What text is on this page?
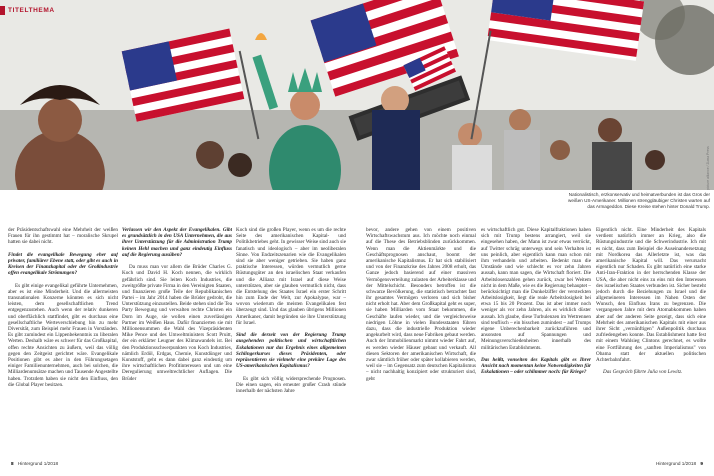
TITELTHEMA
picture alliance / Zuma Press
Nationalistisch, erzkonservativ und heimatverbunden ist das Gros der weißen US-Amerikaner. Millionen strenggläubiger Christen warten auf das Armageddon. Diese Kreise stehen hinter Donald Trump.

der Präsidentschaftswahl eine Mehrheit der weißen Frauen für ihn gestimmt hat – moralische Skrupel hatten sie dabei nicht.

Findet die evangelikale Bewegung eher auf privater, familiärer Ebene statt, oder gibt es auch in Kreisen der Finanzkapital oder der Großindustrie offen evangelikale Strömungen?

Es gibt einige evangelikal geführte Unternehmen, aber es ist eine Minderheit. Und die allermeisten transnationalen Konzerne könnten es sich nicht leisten, dem gesellschaftlichen Trend entgegenzustehen. Auch wenn der relativ dunkeren und oberflächlich stattfindet, gibt es durchaus eine gesellschaftliche Werteverschiebung hin zu mehr Diversität, zum Beispiel mehr Frauen in Vorständen. Es gibt zumindest ein Lippenbekenntnis zu liberalen Werten. Deshalb wäre es schwer für das Großkapital, offen rechte Ansichten zu äußern, weil das völlig gegen den Zeitgeist gerichtet wäre. Evangelikale Positionen gibt es aber in den Führungsetagen einiger Familienunternehmen, auch bei solchen, die Milliardenumsätze machen und Tausende Angestellte haben. Trotzdem haben sie nicht den Einfluss, den die Global Player besitzen.

Verlassen wir den Aspekt der Evangelikalen. Gibt es grundsätzlich in den USA Unternehmen, die aus ihrer Unterstützung für die Administration Trump keinen Hehl machen und ganz eindeutig Einfluss auf die Regierung ausüben?

Da muss man vor allem die Brüder Charles G. Koch und David H. Koch nennen, die wirklich gefährlich sind. Sie leiten Koch Industries, die zweitgrößte private Firma in den Vereinigten Staaten, und finanzieren große Teile der Republikanischen Partei – im Jahr 2014 haben die Brüder gedroht, die Unterstützung einzustellen. Beide stehen sind die Tea Party Bewegung und verwalten rechte Christen ein Dorn im Auge, sie wollen einen zuverlässigen Partner im Weißen Haus. Dafür finanzierten sie mit Millionensummen die Wahl des Vizepräsidenten Mike Pence und des Umweltministers Scott Pruitt, der ein erklärter Leugner des Klimawandels ist. Bei den Produktionsschwerpunkten von Koch Industries, nämlich Erdöl, Erdgas, Chemie, Kunstdünger und Kunststoff, geht es dann dabei ganz eindeutig um ihre wirtschaftlichen Profitinteressen und um eine Deregulierung umweltrechtlicher Auflagen. Die Brüder

Koch sind die großen Player, wenn es um die rechte Seite des amerikanischen Kapital- und Politikbetriebes geht. In gewisser Weise sind auch sie fanatisch und ideologisch – aber im neoliberalen Sinne. Von Endzeitszenarien wie die Evangelikalen sind sie aber weniger getrieben. Sie haben ganz praktische Interessen, würden vermutlich gerne Rüstungsgüter an den israelischen Staat verkaufen und die Allianz mit Israel auf diese Weise unterstützen, aber sie glauben vermutlich nicht, dass die Entstehung des Staates Israel ein erster Schritt hin zum Ende der Welt, zur Apokalypse, war – wovon wiederum die meisten Evangelikalen fest überzeugt sind. Und das glauben übrigens Millionen Amerikaner, damit begründen sie ihre Unterstützung für Israel.

Sind die derzeit von der Regierung Trump ausgehenden politischen und wirtschaftlichen Eskalationen nur das Ergebnis eines allgemeinen Schlingerkurses dieses Präsidenten, oder repräsentieren sie vielmehr eine prekäre Lage des US-amerikanischen Kapitalismus?

Es gibt sich völlig widersprechende Prognosen. Die einen sagen, ein erneuter großer Crash stünde innerhalb der nächsten Jahre

bevor, andere gehen von einem positiven Wirtschaftswachstum aus. Ich möchte noch einmal auf die These des Betriebsblinden zurückkommen. Wenn man die Aktienmärkte und die Geschäftsprognosen anschaut, boomt der amerikanische Kapitalismus. Er hat sich stabilisiert und von der Finanzkrise des Jahres 2008 erholt, das Ganze jedoch basierend auf einer massiven Vermögensverteilung zulasten der Arbeiterklasse und der Mittelschicht. Besonders betroffen ist die schwarze Bevölkerung, die statistisch betrachtet fast ihr gesamtes Vermögen verloren und sich bisher nicht erholt hat. Aber dem Großkapital geht es super, sie haben Milliarden vom Staat bekommen, die Geschäfte laufen wieder, und die vergleichsweise niedrigen Löhne in vielen Bundesstaaten führen dazu, dass die industrielle Produktion wieder angekurbelt wird, dass neue Fabriken gebaut werden. Auch der Immobilienmarkt nimmt wieder Fahrt auf, es werden wieder Häuser gebaut und verkauft. All diesen Sektoren der amerikanischen Wirtschaft, die zwar sämtlich früher oder später kollabieren werden, weil sie – im Gegensatz zum deutschen Kapitalismus – nicht nachhaltig konzipiert oder strukturiert sind, geht

es wirtschaftlich gut. Diese Kapitalfraktionen haben sich mit Trump bestens arrangiert, weil sie eingesehen haben, der Mann ist zwar etwas verrückt, auf Twitter schräg unterwegs und sein Verhalten ist uns peinlich, aber eigentlich kann man schon mit ihm verhandeln und arbeiten. Bedenkt man die Umstände und wie schlecht es vor zehn Jahren aussah, kann man sagen, die Wirtschaft floriert. Die Arbeitslosenzahlen gehen zurück, zwar bei Weitem nicht in dem Maße, wie es die Regierung behauptet – berücksichtigt man die Dunkelziffer der versteckten Arbeitslosigkeit, liegt die reale Arbeitslosigkeit bei etwa 15 bis 20 Prozent. Das ist aber immer noch weniger als vor zehn Jahren, als es wirklich düster aussah. Ich glaube, diese Turbulenzen im Wettrennen sind teuflisch – ein bisschen zumindest – auf Trumps eigene Unberechenbarkeit zurückzuführen und ansonsten auf Spannungen und Meinungsverschiedenheiten innerhalb des militärischen Establishments.

Das heißt, vonseiten des Kapitals gibt es Ihrer Ansicht nach momentan keine Notwendigkeiten für Eskalationen – oder schlimmer noch: für Kriege?

Eigentlich nicht. Eine Minderheit des Kapitals verdient natürlich immer an Krieg, also die Rüstungsindustrie und die Schwerindustrie. Ich mit es nicht, dass zum Beispiel die Auseinandersetzung mit Nordkorea das Allerletzte ist, was das amerikanische Kapital will. Das verursacht eigentlich nur Schaden. Es gibt natürlich eine starke Anti-Iran-Fraktion in der herrschenden Klasse der USA, die aber nicht eins zu eins mit den Interessen des israelischen Staates verbunden ist. Sicher besteht jedoch durch die Beziehungen zu Israel und die allgemeineren Interessen im Nahen Osten der Wunsch, den Einfluss Irans zu begrenzen. Die vergangenen Jahre mit dem Atomabkommen haben aber auf der anderen Seite gezeigt, dass sich eine Mehrheit des amerikanischen Kapitals mit einer aus ihrer Sicht „vernünftigen" Außenpolitik durchaus zufriedengeben konnte. Das Establishment hatte fest mit einem Wahlsieg Clintons gerechnet, es wollte eine Fortführung des „sanften Imperialismus" von Obama statt der aktuellen politischen Achterbahnfahrt.

Das Gespräch führte Julia von Lewitz.

8 Hintergrund 1/2018	Hintergrund 1/2018 9
